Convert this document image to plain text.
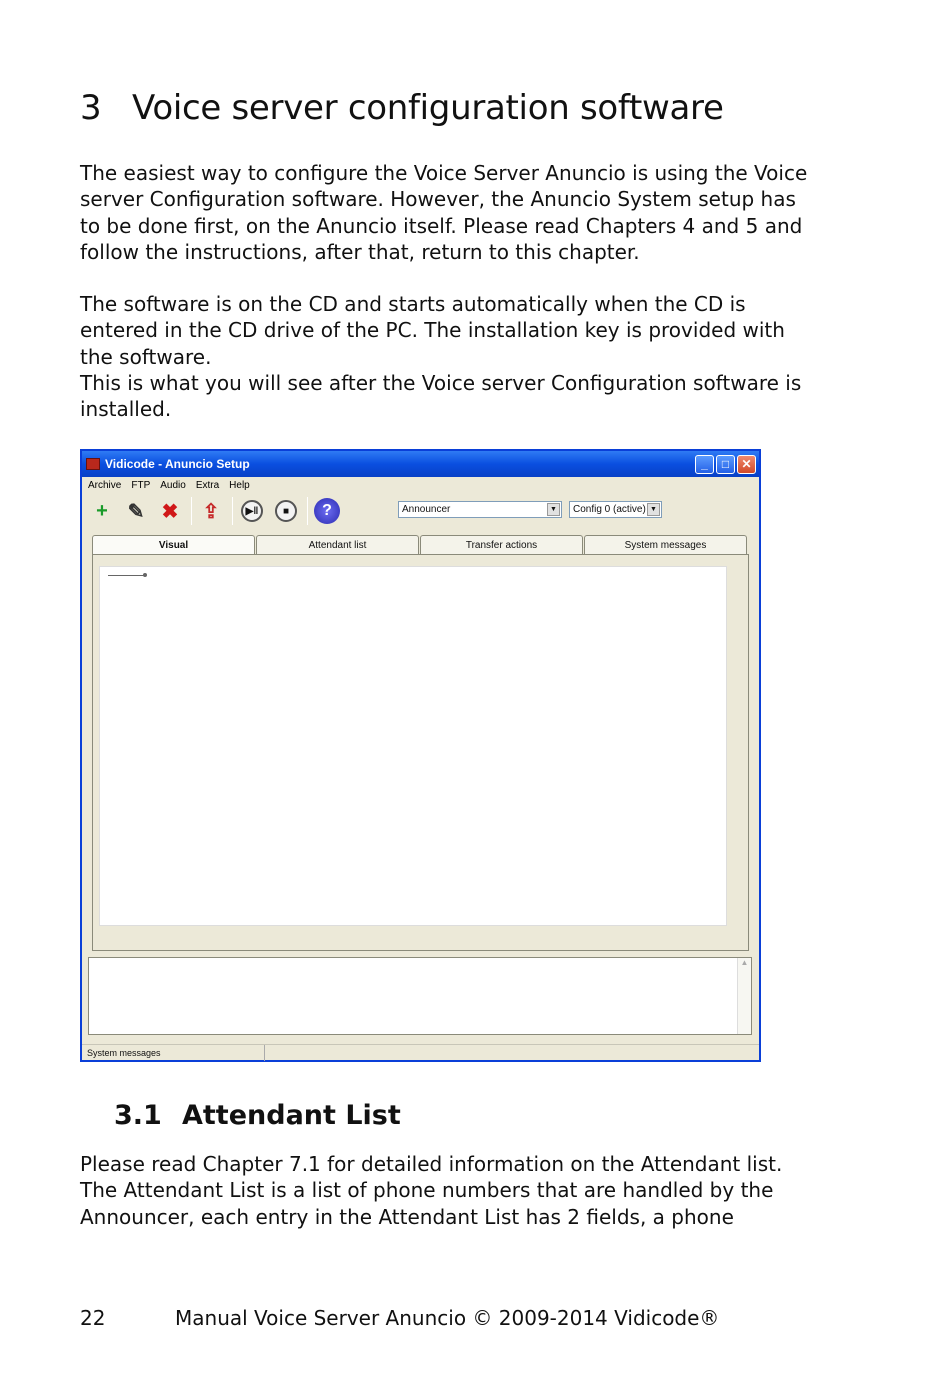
3 Voice server configuration software
The easiest way to configure the Voice Server Anuncio is using the Voice
server Configuration software. However, the Anuncio System setup has
to be done first, on the Anuncio itself. Please read Chapters 4 and 5 and
follow the instructions, after that, return to this chapter.
The software is on the CD and starts automatically when the CD is
entered in the CD drive of the PC. The installation key is provided with
the software.
This is what you will see after the Voice server Configuration software is
installed.
Vidicode - Anuncio Setup	_	□	✕
Archive FTP Audio Extra Help
+ ✎ ✖	⇪	▶‖	■	?	Announcer	▼	Config 0 (active) ▼
Visual	Attendant list	Transfer actions	System messages
▲
System messages
3.1 Attendant List
Please read Chapter 7.1 for detailed information on the Attendant list.
The Attendant List is a list of phone numbers that are handled by the
Announcer, each entry in the Attendant List has 2 fields, a phone
22	Manual Voice Server Anuncio © 2009-2014 Vidicode®
